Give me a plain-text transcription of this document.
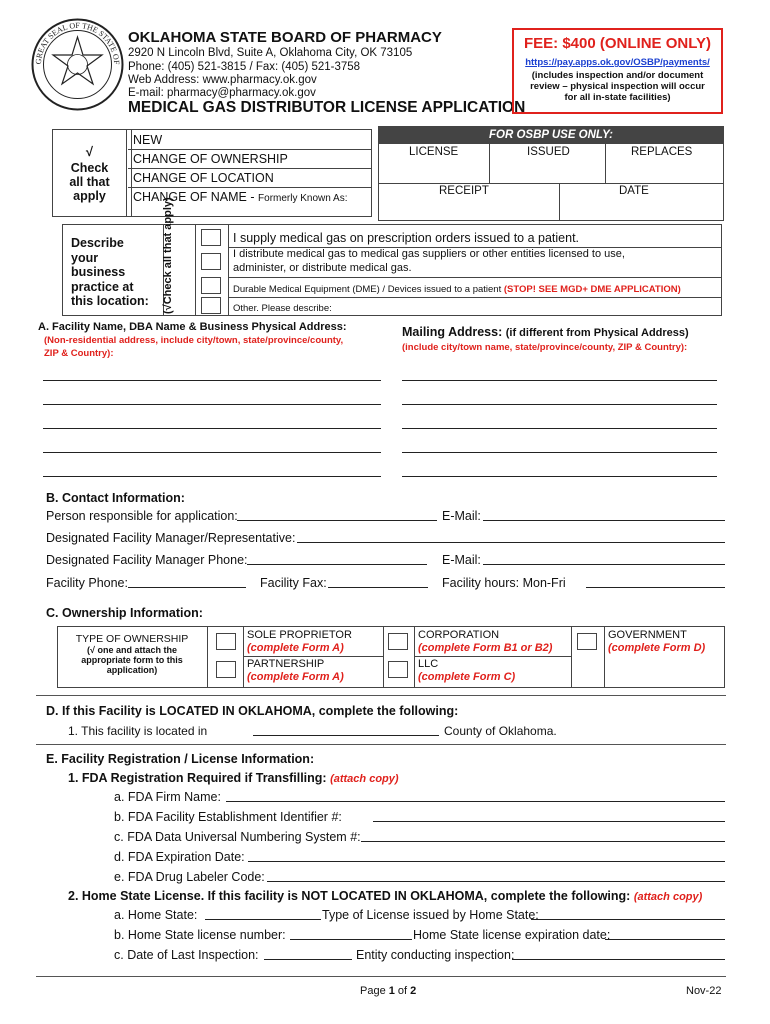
GREAT SEAL OF THE STATE OF
OKLAHOMA STATE BOARD OF PHARMACY
2920 N Lincoln Blvd, Suite A, Oklahoma City, OK 73105
Phone: (405) 521-3815 / Fax: (405) 521-3758
Web Address: www.pharmacy.ok.gov
E-mail: pharmacy@pharmacy.ok.gov
MEDICAL GAS DISTRIBUTOR LICENSE APPLICATION
FEE: $400 (ONLINE ONLY)
https://pay.apps.ok.gov/OSBP/payments/
(includes inspection and/or document
review – physical inspection will occur
for all in-state facilities)
√
Check
all that
apply
NEW
CHANGE OF OWNERSHIP
CHANGE OF LOCATION
CHANGE OF NAME - Formerly Known As:
FOR OSBP USE ONLY:
LICENSE	ISSUED	REPLACES
RECEIPT	DATE
Describe
your
business
practice at
this location: (√Check all that apply)	I supply medical gas on prescription orders issued to a patient.
I distribute medical gas to medical gas suppliers or other entities licensed to use,
administer, or distribute medical gas.
Durable Medical Equipment (DME) / Devices issued to a patient (STOP! SEE MGD+ DME APPLICATION)
Other. Please describe:
A. Facility Name, DBA Name & Business Physical Address:
(Non-residential address, include city/town, state/province/county,
ZIP & Country):
Mailing Address: (if different from Physical Address)
(include city/town name, state/province/county, ZIP & Country):
B. Contact Information:
Person responsible for application:	E-Mail:
Designated Facility Manager/Representative:
Designated Facility Manager Phone:	E-Mail:
Facility Phone:	Facility Fax:	Facility hours: Mon-Fri
C. Ownership Information:
TYPE OF OWNERSHIP
(√ one and attach the
appropriate form to this
application)
SOLE PROPRIETOR
(complete Form A)
PARTNERSHIP
(complete Form A)
CORPORATION
(complete Form B1 or B2)
LLC
(complete Form C)
GOVERNMENT
(complete Form D)
D. If this Facility is LOCATED IN OKLAHOMA, complete the following:
1. This facility is located in	County of Oklahoma.
E. Facility Registration / License Information:
1. FDA Registration Required if Transfilling: (attach copy)
a. FDA Firm Name:
b. FDA Facility Establishment Identifier #:
c. FDA Data Universal Numbering System #:
d. FDA Expiration Date:
e. FDA Drug Labeler Code:
2. Home State License. If this facility is NOT LOCATED IN OKLAHOMA, complete the following: (attach copy)
a. Home State:	Type of License issued by Home State:
b. Home State license number:	Home State license expiration date:
c. Date of Last Inspection:	Entity conducting inspection:
Page 1 of 2	Nov-22
